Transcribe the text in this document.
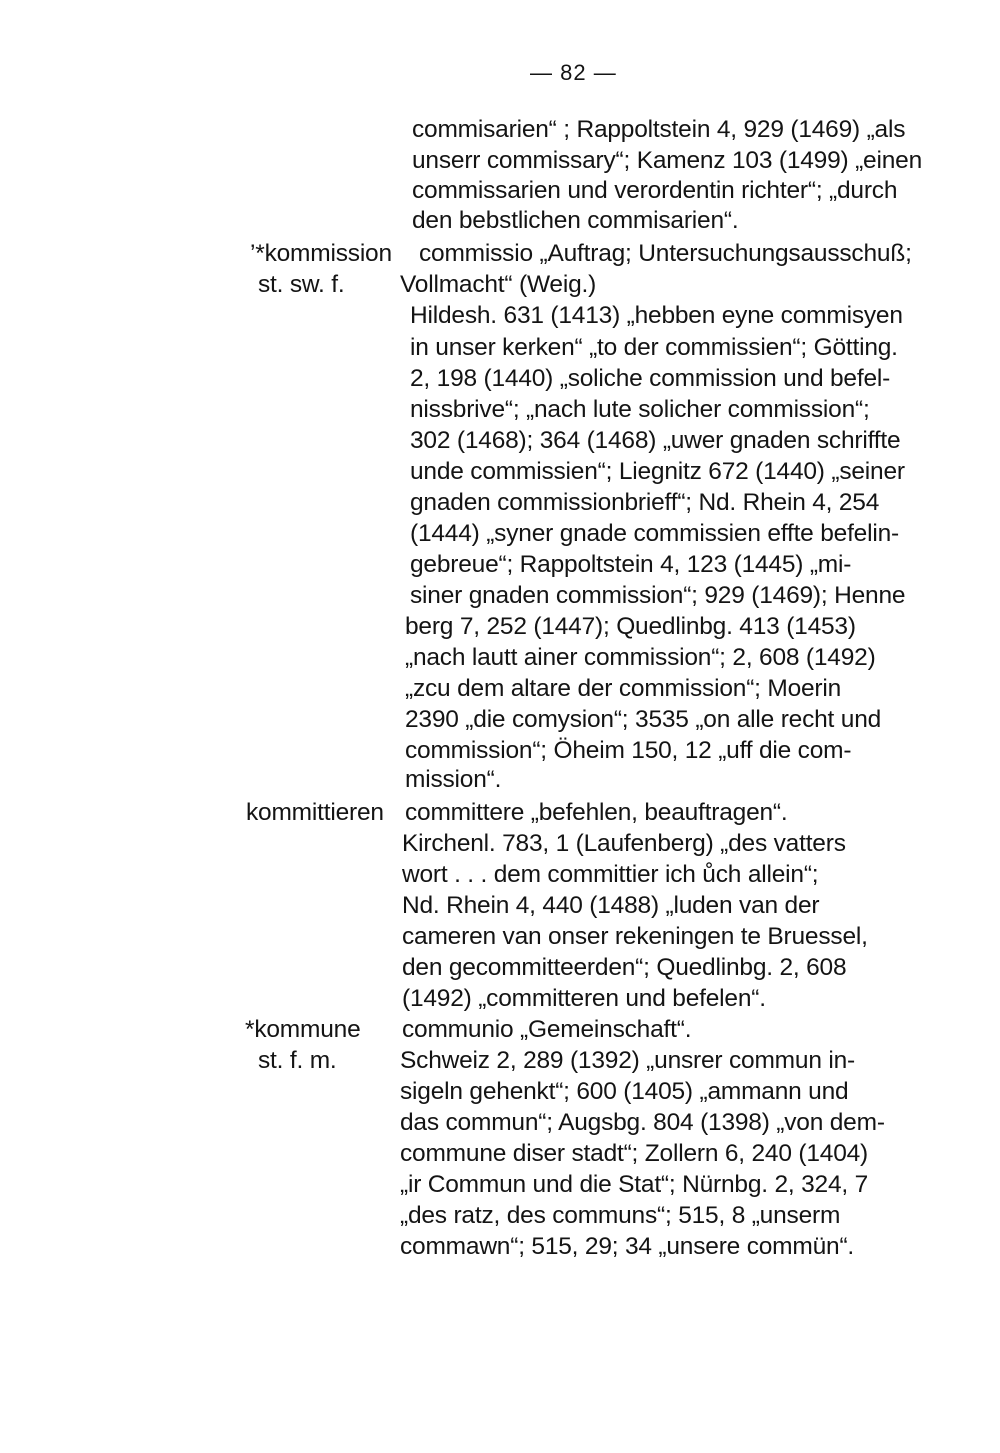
— 82 —
commisarien“ ; Rappoltstein 4, 929 (1469) „als
unserr commissary“; Kamenz 103 (1499) „einen
commissarien und verordentin richter“; „durch
den bebstlichen commisarien“.
’*kommission
st. sw. f.
commissio „Auftrag; Untersuchungsausschuß;
Vollmacht“ (Weig.)
Hildesh. 631 (1413) „hebben eyne commisyen
in unser kerken“ „to der commissien“; Götting.
2, 198 (1440) „soliche commission und befel-
nissbrive“; „nach lute solicher commission“;
302 (1468); 364 (1468) „uwer gnaden schriffte
unde commissien“; Liegnitz 672 (1440) „seiner
gnaden commissionbrieff“; Nd. Rhein 4, 254
(1444) „syner gnade commissien effte befelin-
gebreue“; Rappoltstein 4, 123 (1445) „mi-
siner gnaden commission“; 929 (1469); Henne
berg 7, 252 (1447); Quedlinbg. 413 (1453)
„nach lautt ainer commission“; 2, 608 (1492)
„zcu dem altare der commission“; Moerin
2390 „die comysion“; 3535 „on alle recht und
commission“; Öheim 150, 12 „uff die com-
mission“.
kommittieren committere „befehlen, beauftragen“.
Kirchenl. 783, 1 (Laufenberg) „des vatters
wort . . . dem committier ich ůch allein“;
Nd. Rhein 4, 440 (1488) „luden van der
cameren van onser rekeningen te Bruessel,
den gecommitteerden“; Quedlinbg. 2, 608
(1492) „committeren und befelen“.
*kommune
st. f. m.
communio „Gemeinschaft“.
Schweiz 2, 289 (1392) „unsrer commun in-
sigeln gehenkt“; 600 (1405) „ammann und
das commun“; Augsbg. 804 (1398) „von dem-
commune diser stadt“; Zollern 6, 240 (1404)
„ir Commun und die Stat“; Nürnbg. 2, 324, 7
„des ratz, des communs“; 515, 8 „unserm
commawn“; 515, 29; 34 „unsere commün“.
